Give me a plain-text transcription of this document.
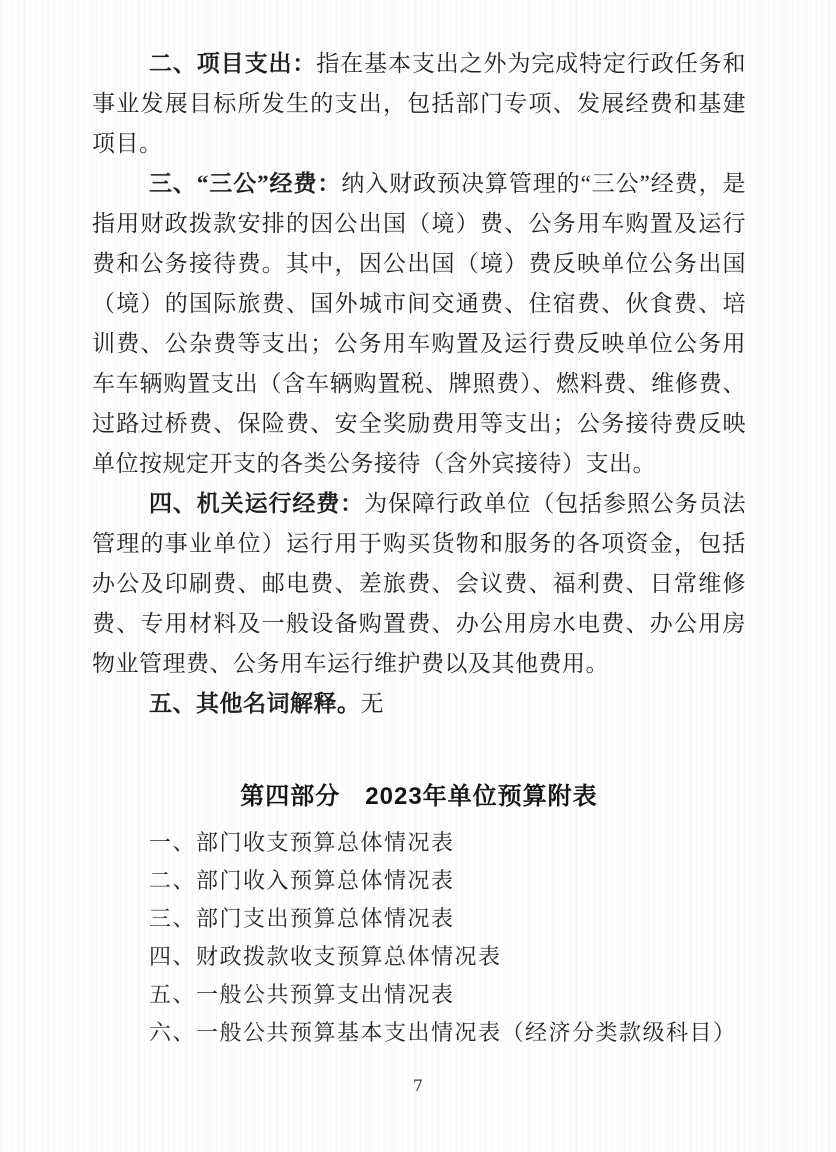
二、项目支出：指在基本支出之外为完成特定行政任务和事业发展目标所发生的支出，包括部门专项、发展经费和基建项目。

三、“三公”经费：纳入财政预决算管理的“三公”经费，是指用财政拨款安排的因公出国（境）费、公务用车购置及运行费和公务接待费。其中，因公出国（境）费反映单位公务出国（境）的国际旅费、国外城市间交通费、住宿费、伙食费、培训费、公杂费等支出；公务用车购置及运行费反映单位公务用车车辆购置支出（含车辆购置税、牌照费）、燃料费、维修费、过路过桥费、保险费、安全奖励费用等支出；公务接待费反映单位按规定开支的各类公务接待（含外宾接待）支出。

四、机关运行经费：为保障行政单位（包括参照公务员法管理的事业单位）运行用于购买货物和服务的各项资金，包括办公及印刷费、邮电费、差旅费、会议费、福利费、日常维修费、专用材料及一般设备购置费、办公用房水电费、办公用房物业管理费、公务用车运行维护费以及其他费用。

五、其他名词解释。无

第四部分　2023年单位预算附表
一、部门收支预算总体情况表
二、部门收入预算总体情况表
三、部门支出预算总体情况表
四、财政拨款收支预算总体情况表
五、一般公共预算支出情况表
六、一般公共预算基本支出情况表（经济分类款级科目）
7
